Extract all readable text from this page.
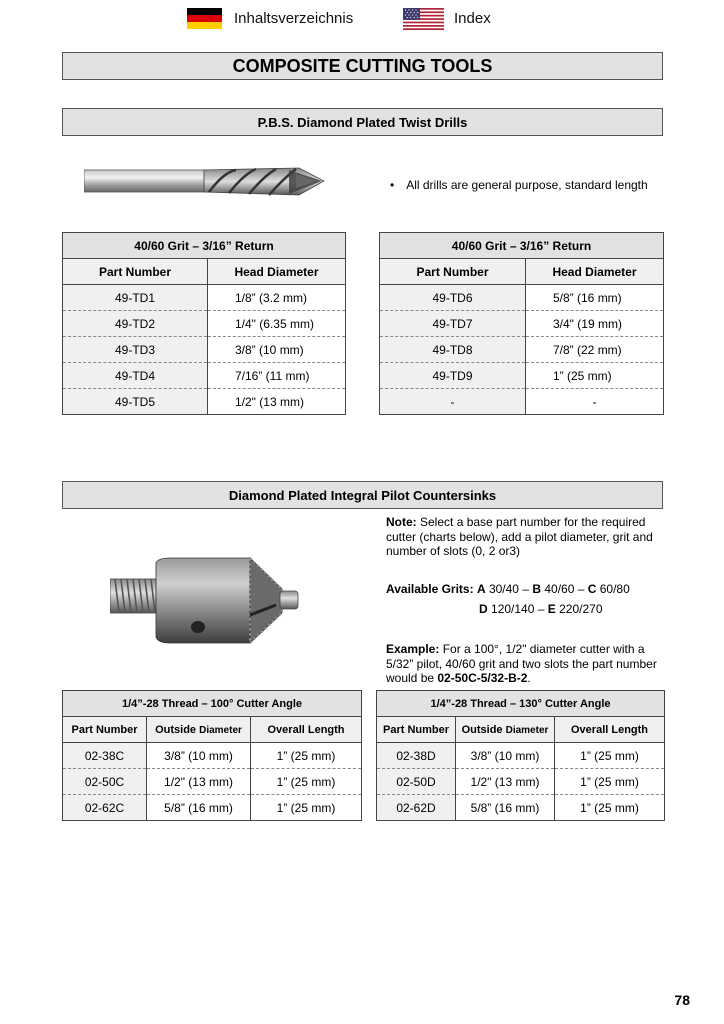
Inhaltsverzeichnis	Index
COMPOSITE CUTTING TOOLS
P.B.S. Diamond Plated Twist Drills
• All drills are general purpose, standard length
40/60 Grit – 3/16” Return	
Part Number	Head Diameter
49-TD1	1/8” (3.2 mm)
49-TD2	1/4" (6.35 mm)
49-TD3	3/8” (10 mm)
49-TD4	7/16” (11 mm)
49-TD5	1/2" (13 mm)
40/60 Grit – 3/16” Return	
Part Number	Head Diameter
49-TD6	5/8” (16 mm)
49-TD7	3/4" (19 mm)
49-TD8	7/8” (22 mm)
49-TD9	1” (25 mm)
-	-
Diamond Plated Integral Pilot Countersinks
Note: Select a base part number for the required cutter (charts below), add a pilot diameter, grit and number of slots (0, 2 or3)
Available Grits: A 30/40 – B 40/60 – C 60/80
D 120/140 – E 220/270
Example: For a 100°, 1/2" diameter cutter with a 5/32” pilot, 40/60 grit and two slots the part number would be 02-50C-5/32-B-2.
1/4”-28 Thread – 100° Cutter Angle		
Part Number	Outside Diameter	Overall Length
02-38C	3/8” (10 mm)	1” (25 mm)
02-50C	1/2" (13 mm)	1” (25 mm)
02-62C	5/8” (16 mm)	1” (25 mm)
1/4”-28 Thread – 130° Cutter Angle		
Part Number	Outside Diameter	Overall Length
02-38D	3/8” (10 mm)	1” (25 mm)
02-50D	1/2" (13 mm)	1” (25 mm)
02-62D	5/8” (16 mm)	1” (25 mm)
78
